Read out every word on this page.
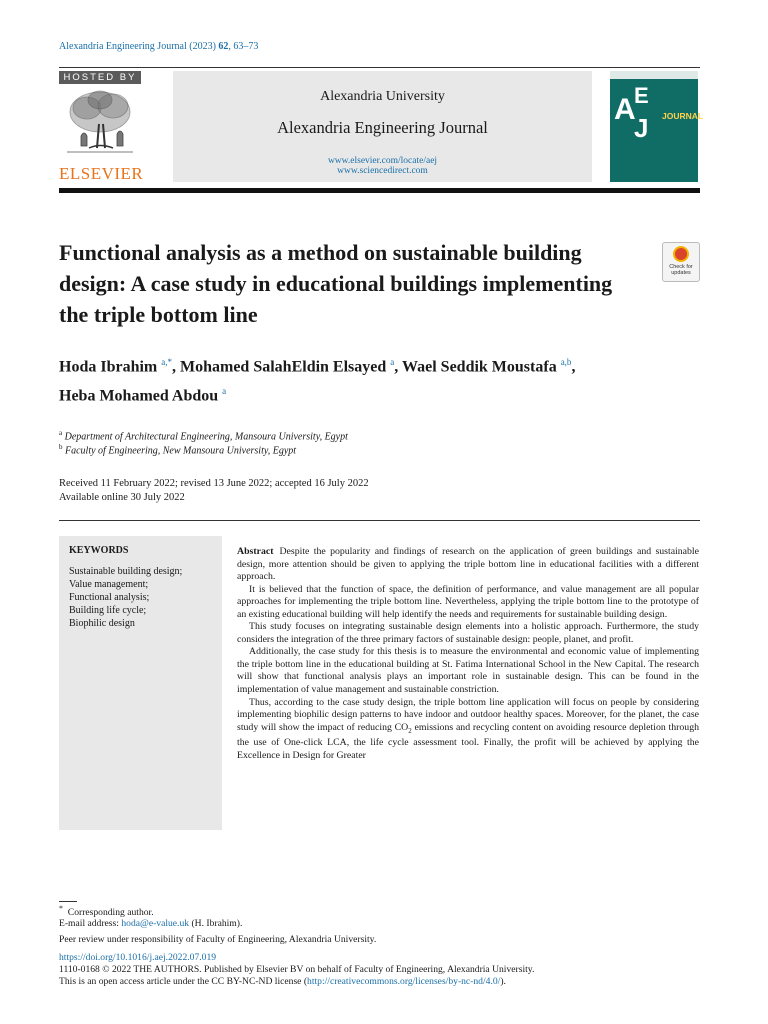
Alexandria Engineering Journal (2023) 62, 63–73
HOSTED BY
ELSEVIER
Alexandria University
Alexandria Engineering Journal
www.elsevier.com/locate/aej
www.sciencedirect.com
A
E
J JOURNAL
Functional analysis as a method on sustainable building design: A case study in educational buildings implementing the triple bottom line
Check for
updates
Hoda Ibrahim $^{a,*}$, Mohamed SalahEldin Elsayed $^a$, Wael Seddik Moustafa $^{a,b}$,
Heba Mohamed Abdou $^a$
$^a$ Department of Architectural Engineering, Mansoura University, Egypt
$^b$ Faculty of Engineering, New Mansoura University, Egypt
Received 11 February 2022; revised 13 June 2022; accepted 16 July 2022
Available online 30 July 2022
KEYWORDS
Sustainable building design;
Value management;
Functional analysis;
Building life cycle;
Biophilic design

Abstract Despite the popularity and findings of research on the application of green buildings and sustainable design, more attention should be given to applying the triple bottom line in educational facilities with a different approach.

It is believed that the function of space, the definition of performance, and value management are all popular approaches for implementing the triple bottom line. Nevertheless, applying the triple bottom line to the prototype of an existing educational building will help identify the needs and requirements for sustainable building design.

This study focuses on integrating sustainable design elements into a holistic approach. Furthermore, the study considers the integration of the three primary factors of sustainable design: people, planet, and profit.

Additionally, the case study for this thesis is to measure the environmental and economic value of implementing the triple bottom line in the educational building at St. Fatima International School in the New Capital. The research will show that functional analysis plays an important role in sustainable design. This can be found in the implementation of value management and sustainable constriction.

Thus, according to the case study design, the triple bottom line application will focus on people by considering implementing biophilic design patterns to have indoor and outdoor healthy spaces. Moreover, for the planet, the case study will show the impact of reducing $CO_2$ emissions and recycling content on avoiding resource depletion through the use of One-click LCA, the life cycle assessment tool. Finally, the profit will be achieved by applying the Excellence in Design for Greater

* Corresponding author.
E-mail address: hoda@e-value.uk (H. Ibrahim).
Peer review under responsibility of Faculty of Engineering, Alexandria University.
https://doi.org/10.1016/j.aej.2022.07.019
1110-0168 © 2022 THE AUTHORS. Published by Elsevier BV on behalf of Faculty of Engineering, Alexandria University.
This is an open access article under the CC BY-NC-ND license (http://creativecommons.org/licenses/by-nc-nd/4.0/).
